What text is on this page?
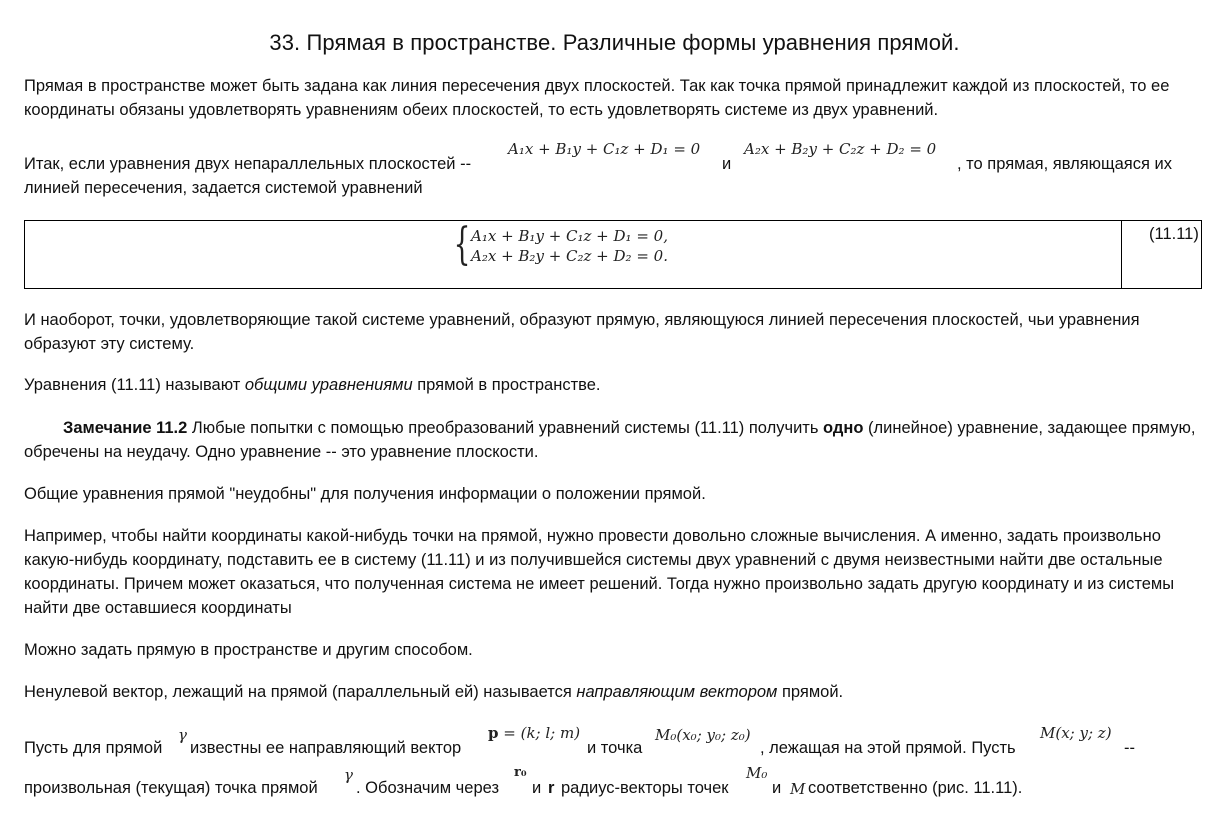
33. Прямая в пространстве. Различные формы уравнения прямой.
Прямая в пространстве может быть задана как линия пересечения двух плоскостей. Так как точка прямой принадлежит каждой из плоскостей, то ее координаты обязаны удовлетворять уравнениям обеих плоскостей, то есть удовлетворять системе из двух уравнений.
Итак, если уравнения двух непараллельных плоскостей --
A₁x + B₁y + C₁z + D₁ = 0
и
A₂x + B₂y + C₂z + D₂ = 0
, то прямая, являющаяся их
линией пересечения, задается системой уравнений
{ A₁x + B₁y + C₁z + D₁ = 0,
A₂x + B₂y + C₂z + D₂ = 0.
(11.11)
И наоборот, точки, удовлетворяющие такой системе уравнений, образуют прямую, являющуюся линией пересечения плоскостей, чьи уравнения образуют эту систему.
Уравнения (11.11) называют общими уравнениями прямой в пространстве.
Замечание 11.2 Любые попытки с помощью преобразований уравнений системы (11.11) получить одно (линейное) уравнение, задающее прямую, обречены на неудачу. Одно уравнение -- это уравнение плоскости.
Общие уравнения прямой "неудобны" для получения информации о положении прямой.
Например, чтобы найти координаты какой-нибудь точки на прямой, нужно провести довольно сложные вычисления. А именно, задать произвольно какую-нибудь координату, подставить ее в систему (11.11) и из получившейся системы двух уравнений с двумя неизвестными найти две остальные координаты. Причем может оказаться, что полученная система не имеет решений. Тогда нужно произвольно задать другую координату и из системы найти две оставшиеся координаты
Можно задать прямую в пространстве и другим способом.
Ненулевой вектор, лежащий на прямой (параллельный ей) называется направляющим вектором прямой.
Пусть для прямой
γ
известны ее направляющий вектор
p = (k; l; m)
и точка
M₀(x₀; y₀; z₀)
, лежащая на этой прямой. Пусть
M(x; y; z)
--
произвольная (текущая) точка прямой
γ
. Обозначим через
r₀
и r радиус-векторы точек
M₀
и M соответственно (рис. 11.11).
